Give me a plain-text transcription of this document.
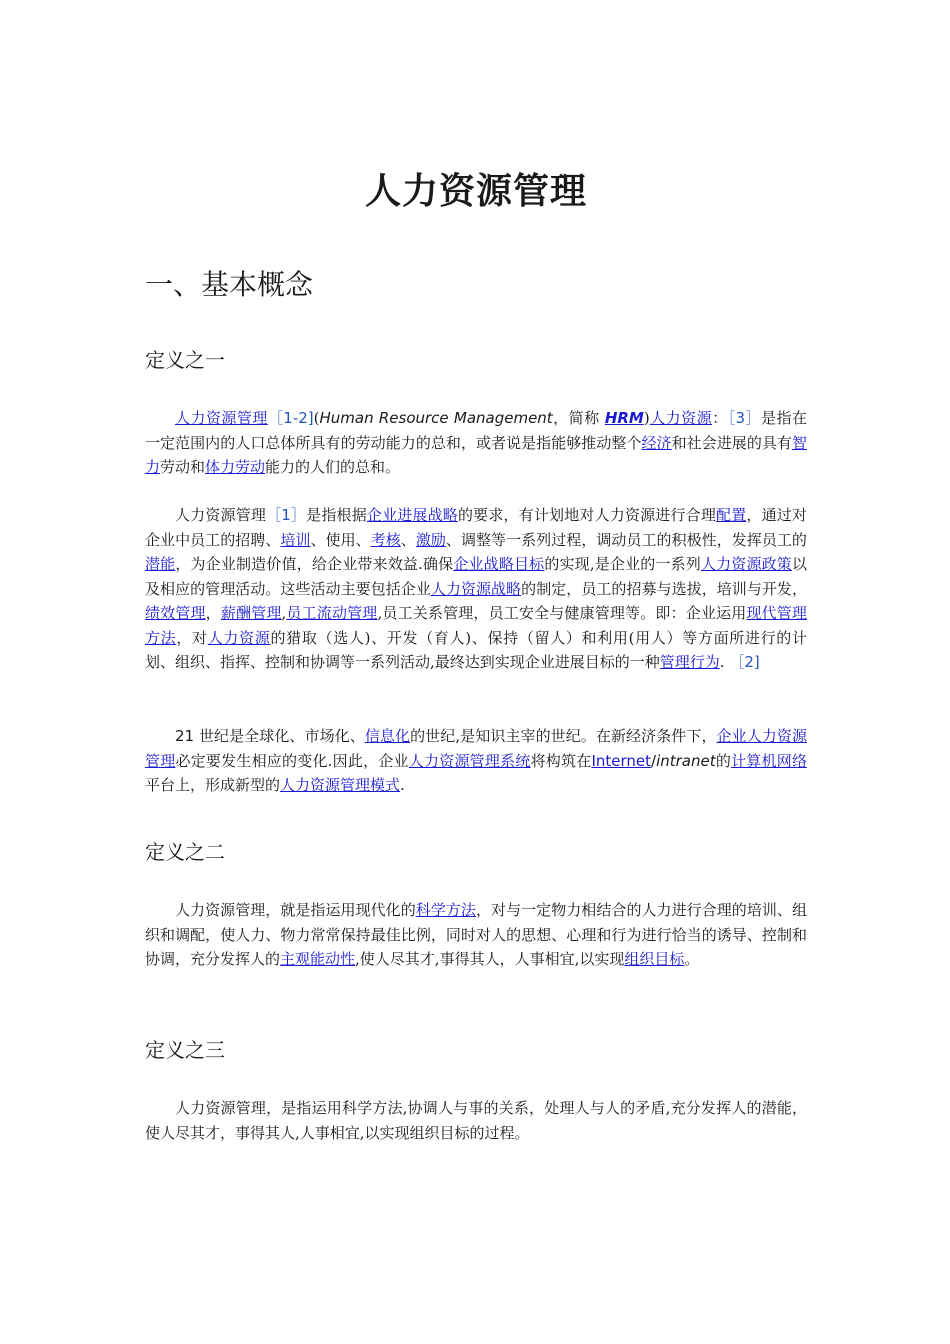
人力资源管理
一、基本概念
定义之一

人力资源管理［1-2](Human Resource Management，简称 HRM)人力资源：［3］是指在一定范围内的人口总体所具有的劳动能力的总和，或者说是指能够推动整个经济和社会进展的具有智力劳动和体力劳动能力的人们的总和。

人力资源管理［1］是指根据企业进展战略的要求，有计划地对人力资源进行合理配置，通过对企业中员工的招聘、培训、使用、考核、激励、调整等一系列过程，调动员工的积极性，发挥员工的潜能，为企业制造价值，给企业带来效益.确保企业战略目标的实现,是企业的一系列人力资源政策以及相应的管理活动。这些活动主要包括企业人力资源战略的制定，员工的招募与选拔，培训与开发，绩效管理，薪酬管理,员工流动管理,员工关系管理，员工安全与健康管理等。即：企业运用现代管理方法，对人力资源的猎取（选人)、开发（育人)、保持（留人）和利用(用人）等方面所进行的计划、组织、指挥、控制和协调等一系列活动,最终达到实现企业进展目标的一种管理行为. ［2]

21 世纪是全球化、市场化、信息化的世纪,是知识主宰的世纪。在新经济条件下，企业人力资源管理必定要发生相应的变化.因此，企业人力资源管理系统将构筑在Internet/intranet的计算机网络平台上，形成新型的人力资源管理模式.

定义之二

人力资源管理，就是指运用现代化的科学方法，对与一定物力相结合的人力进行合理的培训、组织和调配，使人力、物力常常保持最佳比例，同时对人的思想、心理和行为进行恰当的诱导、控制和协调，充分发挥人的主观能动性,使人尽其才,事得其人，人事相宜,以实现组织目标。

定义之三

人力资源管理，是指运用科学方法,协调人与事的关系，处理人与人的矛盾,充分发挥人的潜能，使人尽其才，事得其人,人事相宜,以实现组织目标的过程。
